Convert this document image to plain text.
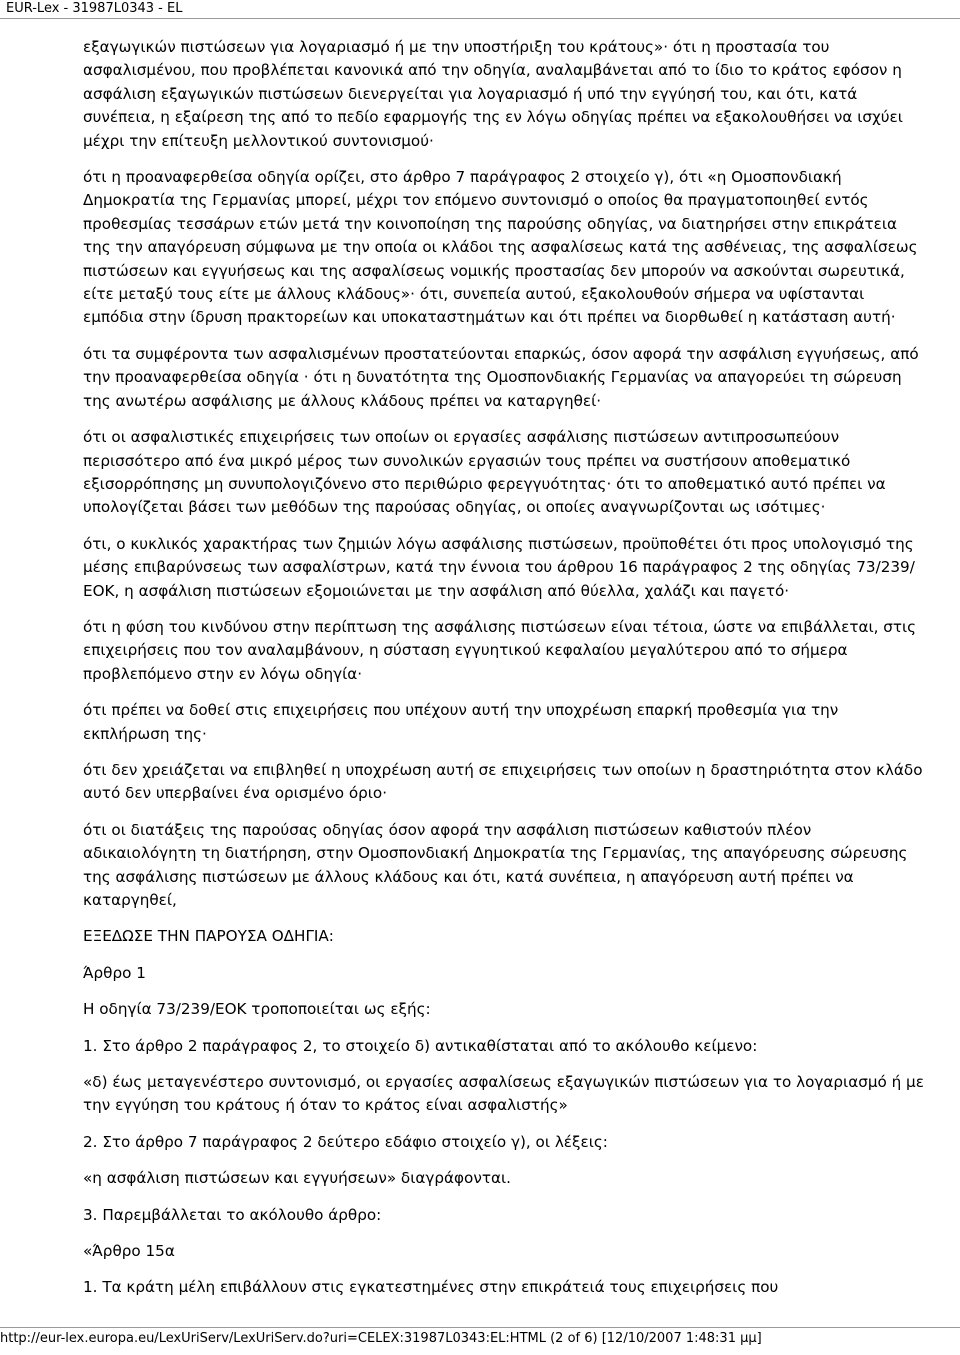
EUR-Lex - 31987L0343 - EL

εξαγωγικών πιστώσεων για λογαριασμό ή με την υποστήριξη του κράτους»· ότι η προστασία του ασφαλισμένου, που προβλέπεται κανονικά από την οδηγία, αναλαμβάνεται από το ίδιο το κράτος εφόσον η ασφάλιση εξαγωγικών πιστώσεων διενεργείται για λογαριασμό ή υπό την εγγύησή του, και ότι, κατά συνέπεια, η εξαίρεση της από το πεδίο εφαρμογής της εν λόγω οδηγίας πρέπει να εξακολουθήσει να ισχύει μέχρι την επίτευξη μελλοντικού συντονισμού·

ότι η προαναφερθείσα οδηγία ορίζει, στο άρθρο 7 παράγραφος 2 στοιχείο γ), ότι «η Ομοσπονδιακή Δημοκρατία της Γερμανίας μπορεί, μέχρι τον επόμενο συντονισμό ο οποίος θα πραγματοποιηθεί εντός προθεσμίας τεσσάρων ετών μετά την κοινοποίηση της παρούσης οδηγίας, να διατηρήσει στην επικράτεια της την απαγόρευση σύμφωνα με την οποία οι κλάδοι της ασφαλίσεως κατά της ασθένειας, της ασφαλίσεως πιστώσεων και εγγυήσεως και της ασφαλίσεως νομικής προστασίας δεν μπορούν να ασκούνται σωρευτικά, είτε μεταξύ τους είτε με άλλους κλάδους»· ότι, συνεπεία αυτού, εξακολουθούν σήμερα να υφίστανται εμπόδια στην ίδρυση πρακτορείων και υποκαταστημάτων και ότι πρέπει να διορθωθεί η κατάσταση αυτή·

ότι τα συμφέροντα των ασφαλισμένων προστατεύονται επαρκώς, όσον αφορά την ασφάλιση εγγυήσεως, από την προαναφερθείσα οδηγία · ότι η δυνατότητα της Ομοσπονδιακής Γερμανίας να απαγορεύει τη σώρευση της ανωτέρω ασφάλισης με άλλους κλάδους πρέπει να καταργηθεί·

ότι οι ασφαλιστικές επιχειρήσεις των οποίων οι εργασίες ασφάλισης πιστώσεων αντιπροσωπεύουν περισσότερο από ένα μικρό μέρος των συνολικών εργασιών τους πρέπει να συστήσουν αποθεματικό εξισορρόπησης μη συνυπολογιζόνενο στο περιθώριο φερεγγυότητας· ότι το αποθεματικό αυτό πρέπει να υπολογίζεται βάσει των μεθόδων της παρούσας οδηγίας, οι οποίες αναγνωρίζονται ως ισότιμες·

ότι, ο κυκλικός χαρακτήρας των ζημιών λόγω ασφάλισης πιστώσεων, προϋποθέτει ότι προς υπολογισμό της μέσης επιβαρύνσεως των ασφαλίστρων, κατά την έννοια του άρθρου 16 παράγραφος 2 της οδηγίας 73/239/ΕΟΚ, η ασφάλιση πιστώσεων εξομοιώνεται με την ασφάλιση από θύελλα, χαλάζι και παγετό·

ότι η φύση του κινδύνου στην περίπτωση της ασφάλισης πιστώσεων είναι τέτοια, ώστε να επιβάλλεται, στις επιχειρήσεις που τον αναλαμβάνουν, η σύσταση εγγυητικού κεφαλαίου μεγαλύτερου από το σήμερα προβλεπόμενο στην εν λόγω οδηγία·

ότι πρέπει να δοθεί στις επιχειρήσεις που υπέχουν αυτή την υποχρέωση επαρκή προθεσμία για την εκπλήρωση της·

ότι δεν χρειάζεται να επιβληθεί η υποχρέωση αυτή σε επιχειρήσεις των οποίων η δραστηριότητα στον κλάδο αυτό δεν υπερβαίνει ένα ορισμένο όριο·

ότι οι διατάξεις της παρούσας οδηγίας όσον αφορά την ασφάλιση πιστώσεων καθιστούν πλέον αδικαιολόγητη τη διατήρηση, στην Ομοσπονδιακή Δημοκρατία της Γερμανίας, της απαγόρευσης σώρευσης της ασφάλισης πιστώσεων με άλλους κλάδους και ότι, κατά συνέπεια, η απαγόρευση αυτή πρέπει να καταργηθεί,

ΕΞΕΔΩΣΕ ΤΗΝ ΠΑΡΟΥΣΑ ΟΔΗΓΙΑ:

Άρθρο 1

Η οδηγία 73/239/ΕΟΚ τροποποιείται ως εξής:

1. Στο άρθρο 2 παράγραφος 2, το στοιχείο δ) αντικαθίσταται από το ακόλουθο κείμενο:

«δ) έως μεταγενέστερο συντονισμό, οι εργασίες ασφαλίσεως εξαγωγικών πιστώσεων για το λογαριασμό ή με την εγγύηση του κράτους ή όταν το κράτος είναι ασφαλιστής»

2. Στο άρθρο 7 παράγραφος 2 δεύτερο εδάφιο στοιχείο γ), οι λέξεις:

«η ασφάλιση πιστώσεων και εγγυήσεων» διαγράφονται.

3. Παρεμβάλλεται το ακόλουθο άρθρο:

«Άρθρο 15α

1. Τα κράτη μέλη επιβάλλουν στις εγκατεστημένες στην επικράτειά τους επιχειρήσεις που

http://eur-lex.europa.eu/LexUriServ/LexUriServ.do?uri=CELEX:31987L0343:EL:HTML (2 of 6) [12/10/2007 1:48:31 μμ]
